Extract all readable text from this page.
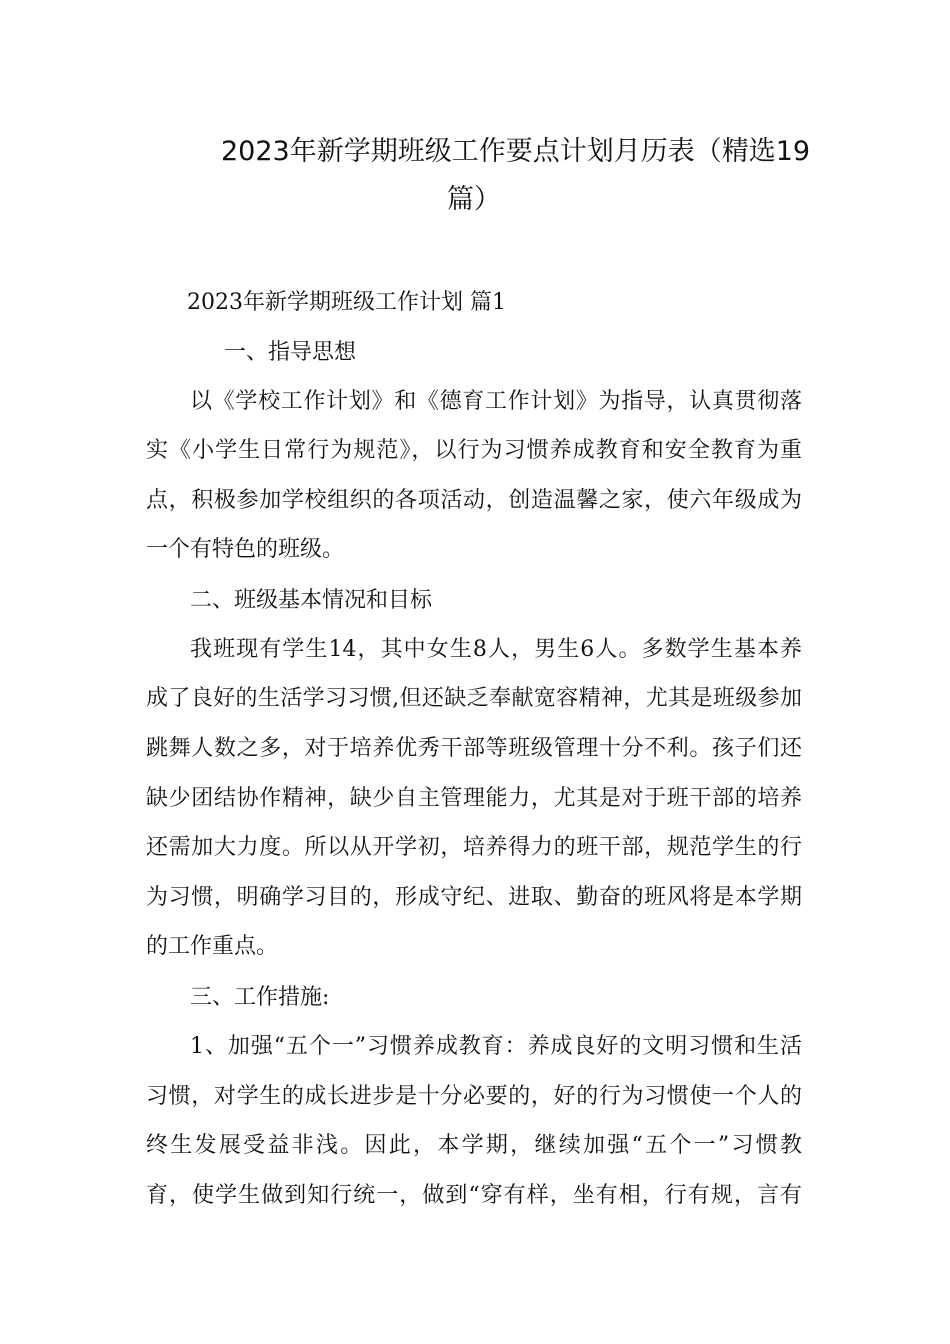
2023年新学期班级工作要点计划月历表（精选19
篇）
2023年新学期班级工作计划 篇1
一、指导思想
以《学校工作计划》和《德育工作计划》为指导，认真贯彻落
实《小学生日常行为规范》，以行为习惯养成教育和安全教育为重
点，积极参加学校组织的各项活动，创造温馨之家，使六年级成为
一个有特色的班级。
二、班级基本情况和目标
我班现有学生14，其中女生8人，男生6人。多数学生基本养
成了良好的生活学习习惯,但还缺乏奉献宽容精神，尤其是班级参加
跳舞人数之多，对于培养优秀干部等班级管理十分不利。孩子们还
缺少团结协作精神，缺少自主管理能力，尤其是对于班干部的培养
还需加大力度。所以从开学初，培养得力的班干部，规范学生的行
为习惯，明确学习目的，形成守纪、进取、勤奋的班风将是本学期
的工作重点。
三、工作措施:
1、加强“五个一”习惯养成教育：养成良好的文明习惯和生活
习惯，对学生的成长进步是十分必要的，好的行为习惯使一个人的
终生发展受益非浅。因此，本学期，继续加强“五个一”习惯教
育，使学生做到知行统一，做到“穿有样，坐有相，行有规，言有
